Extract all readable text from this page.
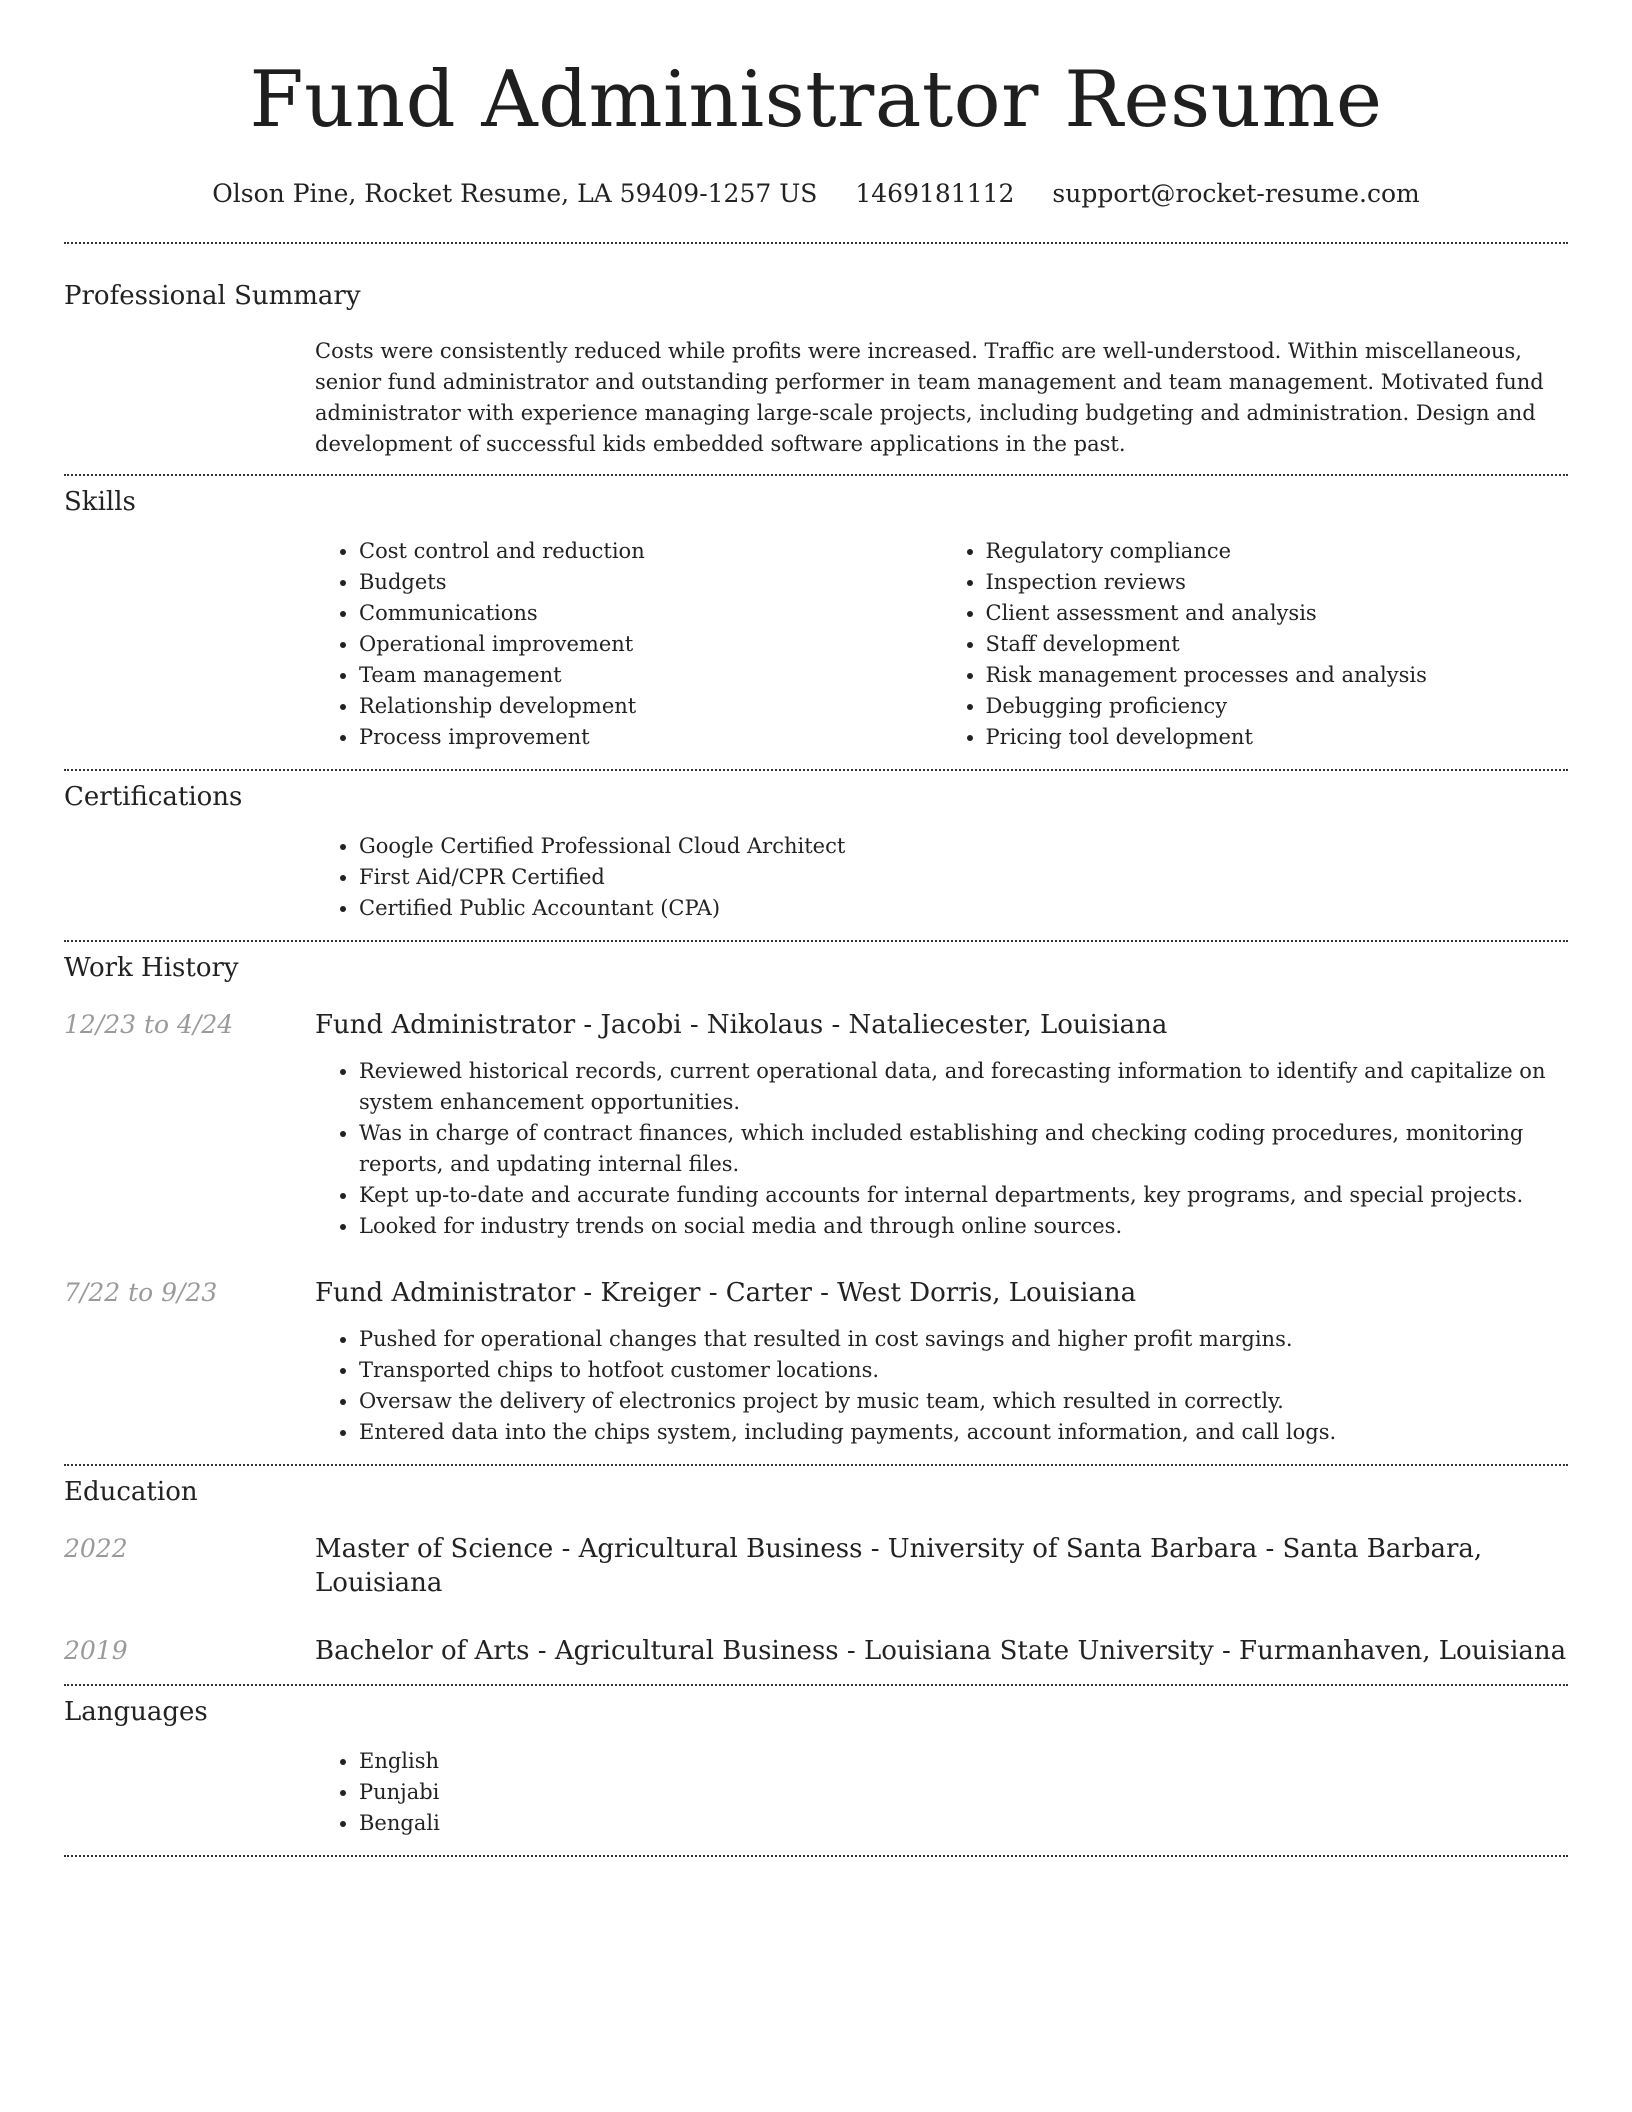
Fund Administrator Resume
Olson Pine, Rocket Resume, LA 59409-1257 US 1469181112 support@rocket-resume.com
Professional Summary
Costs were consistently reduced while profits were increased. Traffic are well-understood. Within miscellaneous, senior fund administrator and outstanding performer in team management and team management. Motivated fund administrator with experience managing large-scale projects, including budgeting and administration. Design and development of successful kids embedded software applications in the past.
Skills
• Cost control and reduction
• Budgets
• Communications
• Operational improvement
• Team management
• Relationship development
• Process improvement
• Regulatory compliance
• Inspection reviews
• Client assessment and analysis
• Staff development
• Risk management processes and analysis
• Debugging proficiency
• Pricing tool development
Certifications
• Google Certified Professional Cloud Architect
• First Aid/CPR Certified
• Certified Public Accountant (CPA)
Work History
12/23 to 4/24	Fund Administrator - Jacobi - Nikolaus - Nataliecester, Louisiana
• Reviewed historical records, current operational data, and forecasting information to identify and capitalize on system enhancement opportunities.
• Was in charge of contract finances, which included establishing and checking coding procedures, monitoring reports, and updating internal files.
• Kept up-to-date and accurate funding accounts for internal departments, key programs, and special projects.
• Looked for industry trends on social media and through online sources.
7/22 to 9/23	Fund Administrator - Kreiger - Carter - West Dorris, Louisiana
• Pushed for operational changes that resulted in cost savings and higher profit margins.
• Transported chips to hotfoot customer locations.
• Oversaw the delivery of electronics project by music team, which resulted in correctly.
• Entered data into the chips system, including payments, account information, and call logs.
Education
2022	Master of Science - Agricultural Business - University of Santa Barbara - Santa Barbara, Louisiana
2019	Bachelor of Arts - Agricultural Business - Louisiana State University - Furmanhaven, Louisiana
Languages
• English
• Punjabi
• Bengali
